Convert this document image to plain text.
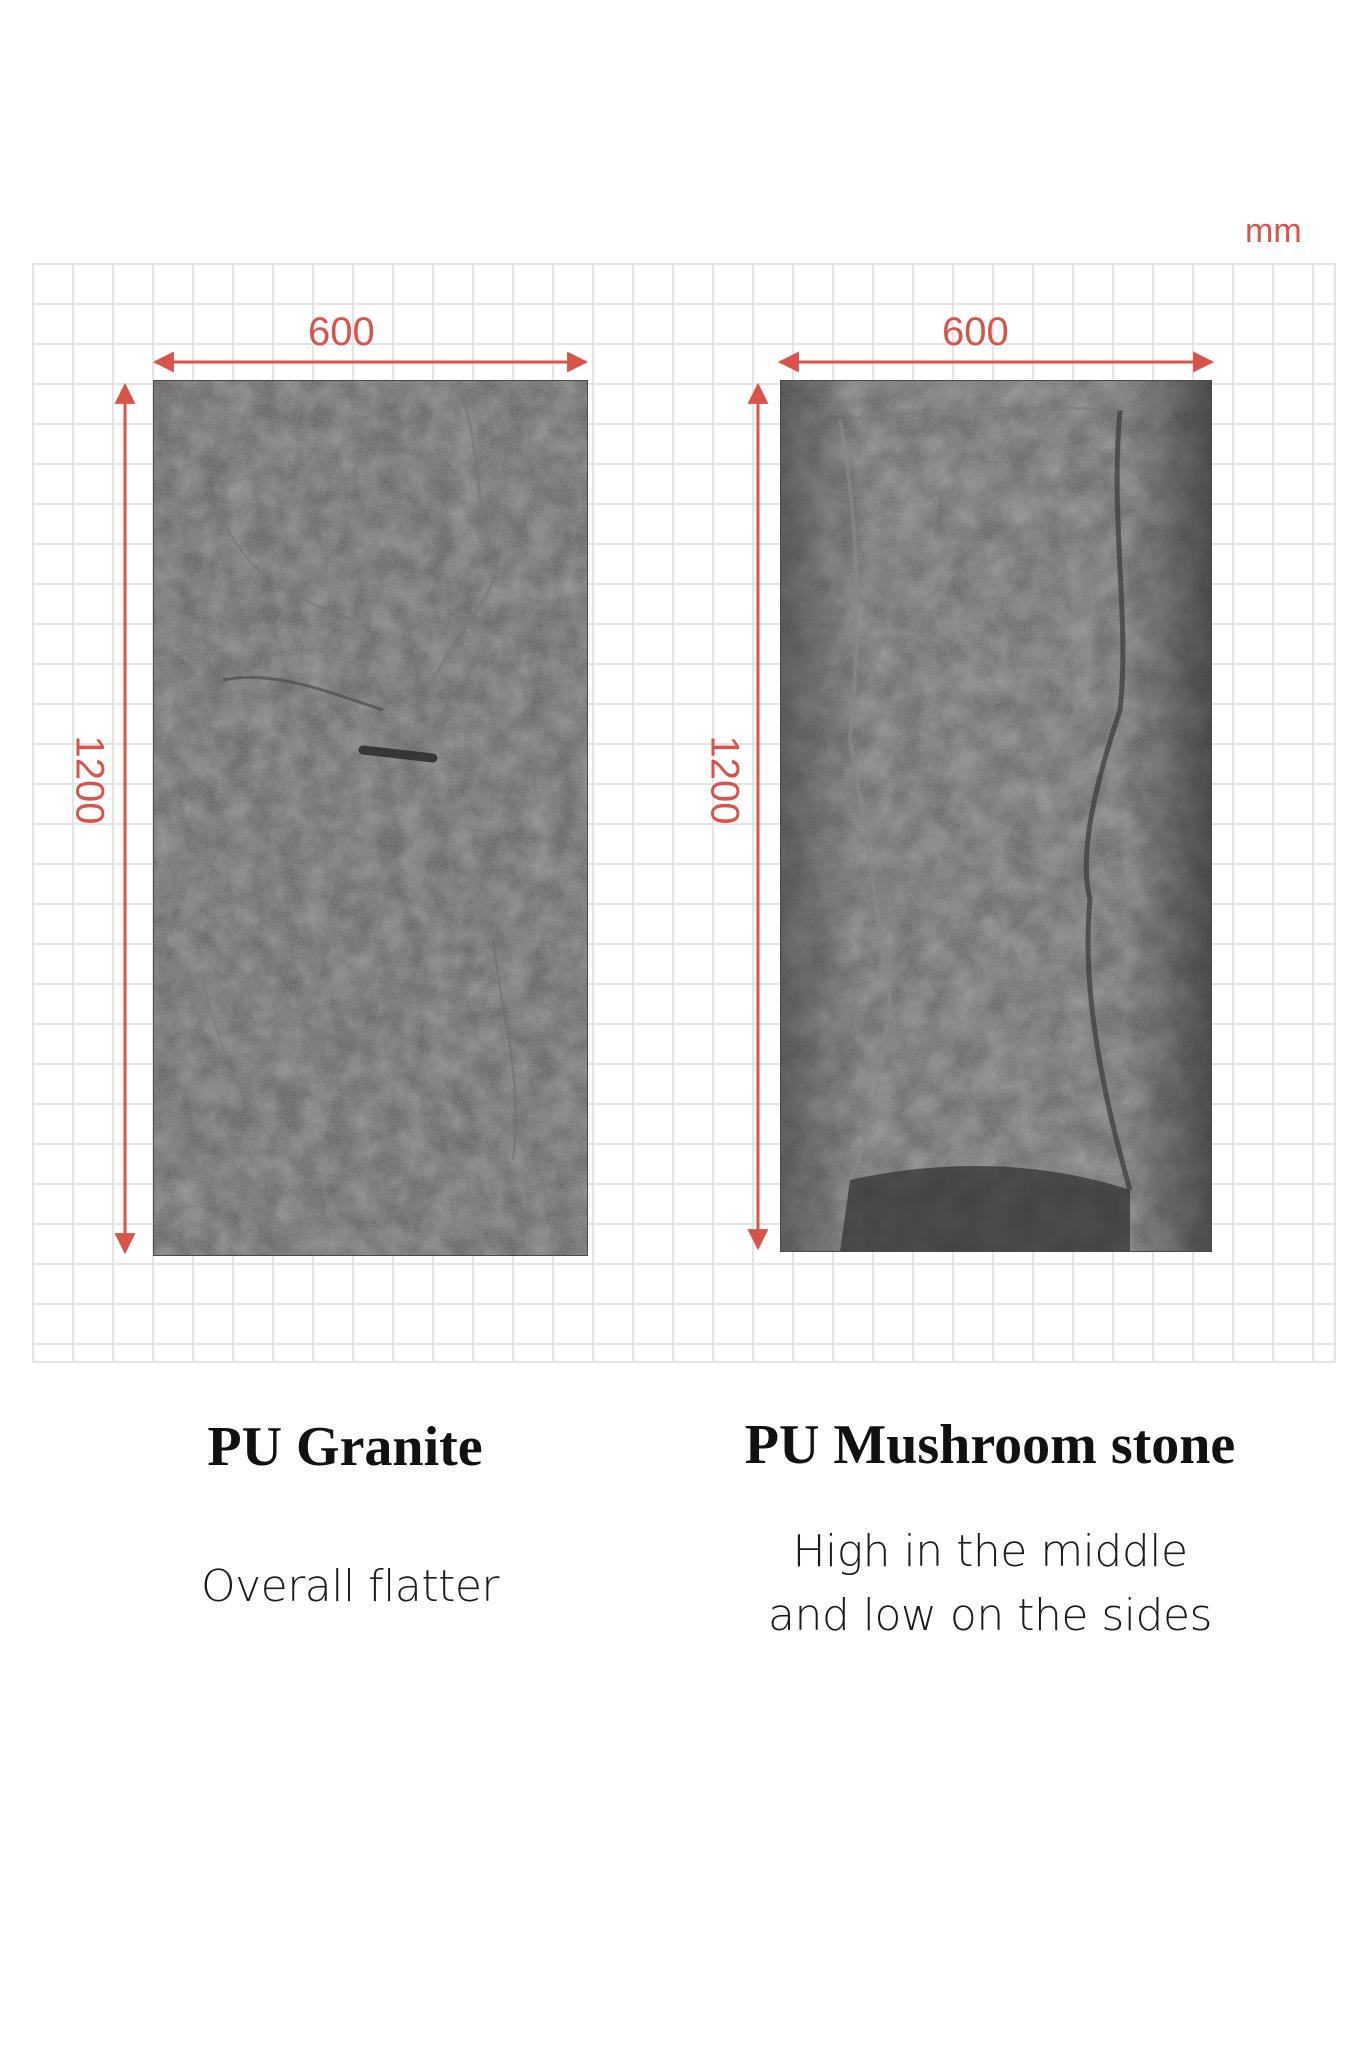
mm
600	600
1200	1200
PU Granite	PU Mushroom stone
Overall flatter
High in the middle
and low on the sides
